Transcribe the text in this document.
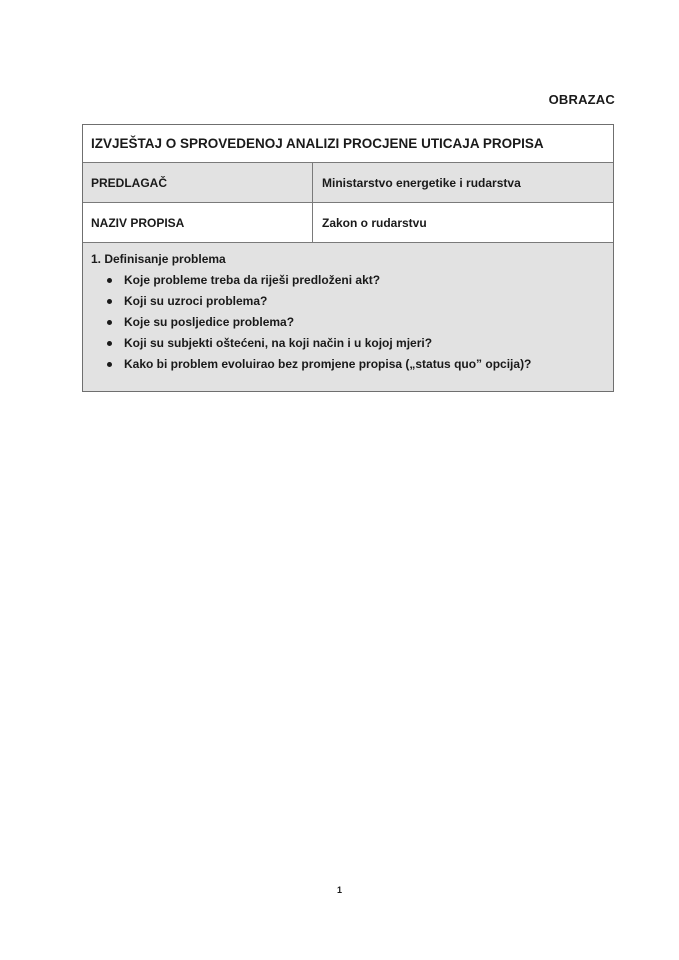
OBRAZAC
IZVJEŠTAJ O SPROVEDENOJ ANALIZI PROCJENE UTICAJA PROPISA
PREDLAGAČ	Ministarstvo energetike i rudarstva
NAZIV PROPISA	Zakon o rudarstvu
1. Definisanje problema
Koje probleme treba da riješi predloženi akt?
Koji su uzroci problema?
Koje su posljedice problema?
Koji su subjekti oštećeni, na koji način i u kojoj mjeri?
Kako bi problem evoluirao bez promjene propisa („status quo” opcija)?
1
